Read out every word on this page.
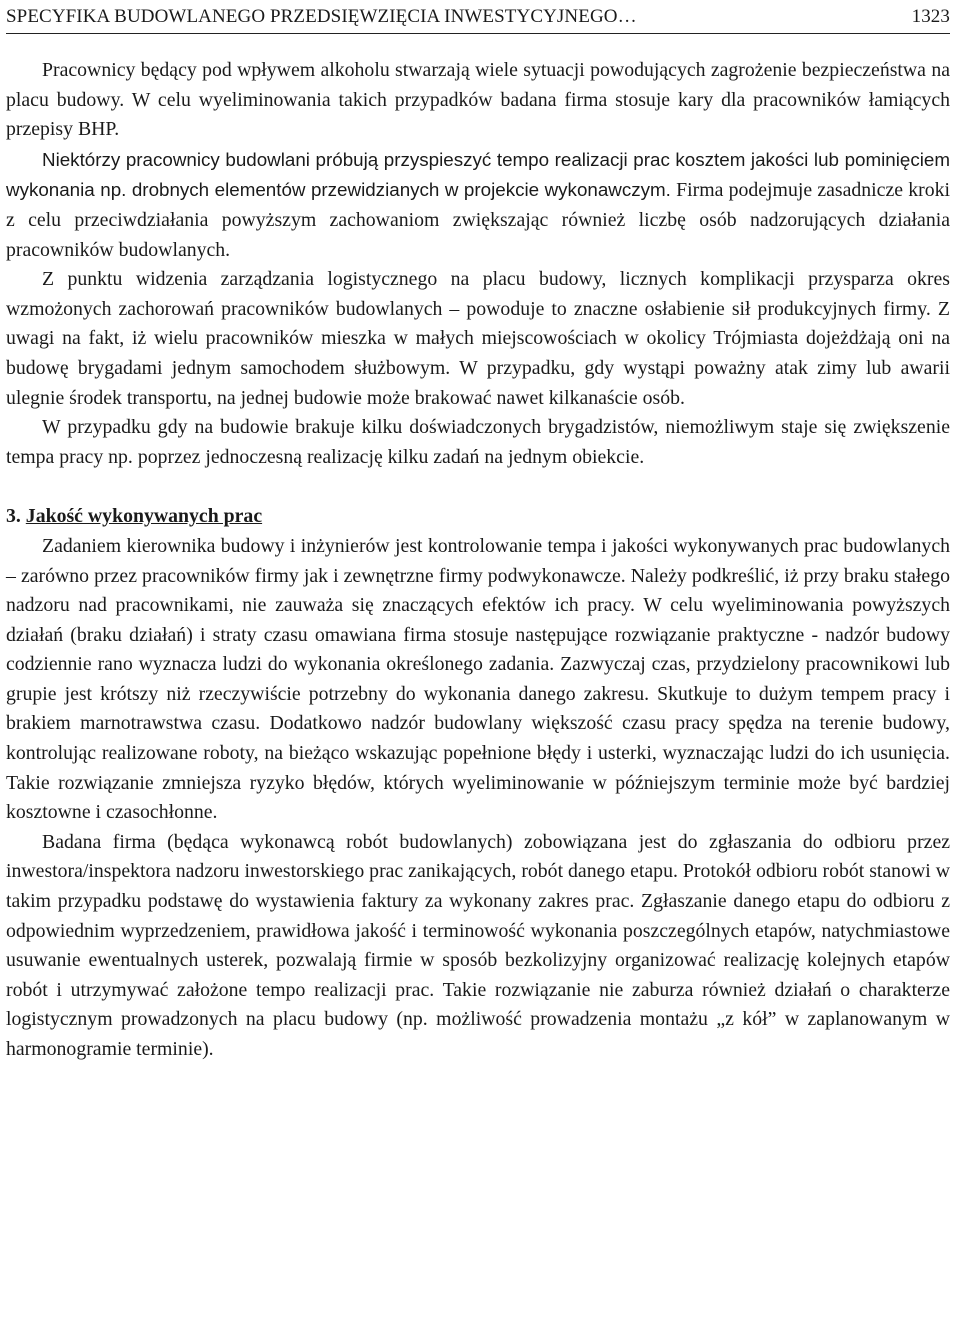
SPECYFIKA BUDOWLANEGO PRZEDSIĘWZIĘCIA INWESTYCYJNEGO…	1323

Pracownicy będący pod wpływem alkoholu stwarzają wiele sytuacji powodujących zagrożenie bezpieczeństwa na placu budowy. W celu wyeliminowania takich przypadków badana firma stosuje kary dla pracowników łamiących przepisy BHP.

Niektórzy pracownicy budowlani próbują przyspieszyć tempo realizacji prac kosztem jakości lub pominięciem wykonania np. drobnych elementów przewidzianych w projekcie wykonawczym. Firma podejmuje zasadnicze kroki z celu przeciwdziałania powyższym zachowaniom zwiększając również liczbę osób nadzorujących działania pracowników budowlanych.

Z punktu widzenia zarządzania logistycznego na placu budowy, licznych komplikacji przysparza okres wzmożonych zachorowań pracowników budowlanych – powoduje to znaczne osłabienie sił produkcyjnych firmy. Z uwagi na fakt, iż wielu pracowników mieszka w małych miejscowościach w okolicy Trójmiasta dojeżdżają oni na budowę brygadami jednym samochodem służbowym. W przypadku, gdy wystąpi poważny atak zimy lub awarii ulegnie środek transportu, na jednej budowie może brakować nawet kilkanaście osób.

W przypadku gdy na budowie brakuje kilku doświadczonych brygadzistów, niemożliwym staje się zwiększenie tempa pracy np. poprzez jednoczesną realizację kilku zadań na jednym obiekcie.

3. Jakość wykonywanych prac

Zadaniem kierownika budowy i inżynierów jest kontrolowanie tempa i jakości wykonywanych prac budowlanych – zarówno przez pracowników firmy jak i zewnętrzne firmy podwykonawcze. Należy podkreślić, iż przy braku stałego nadzoru nad pracownikami, nie zauważa się znaczących efektów ich pracy. W celu wyeliminowania powyższych działań (braku działań) i straty czasu omawiana firma stosuje następujące rozwiązanie praktyczne - nadzór budowy codziennie rano wyznacza ludzi do wykonania określonego zadania. Zazwyczaj czas, przydzielony pracownikowi lub grupie jest krótszy niż rzeczywiście potrzebny do wykonania danego zakresu. Skutkuje to dużym tempem pracy i brakiem marnotrawstwa czasu. Dodatkowo nadzór budowlany większość czasu pracy spędza na terenie budowy, kontrolując realizowane roboty, na bieżąco wskazując popełnione błędy i usterki, wyznaczając ludzi do ich usunięcia. Takie rozwiązanie zmniejsza ryzyko błędów, których wyeliminowanie w późniejszym terminie może być bardziej kosztowne i czasochłonne.

Badana firma (będąca wykonawcą robót budowlanych) zobowiązana jest do zgłaszania do odbioru przez inwestora/inspektora nadzoru inwestorskiego prac zanikających, robót danego etapu. Protokół odbioru robót stanowi w takim przypadku podstawę do wystawienia faktury za wykonany zakres prac. Zgłaszanie danego etapu do odbioru z odpowiednim wyprzedzeniem, prawidłowa jakość i terminowość wykonania poszczególnych etapów, natychmiastowe usuwanie ewentualnych usterek, pozwalają firmie w sposób bezkolizyjny organizować realizację kolejnych etapów robót i utrzymywać założone tempo realizacji prac. Takie rozwiązanie nie zaburza również działań o charakterze logistycznym prowadzonych na placu budowy (np. możliwość prowadzenia montażu „z kół” w zaplanowanym w harmonogramie terminie).
